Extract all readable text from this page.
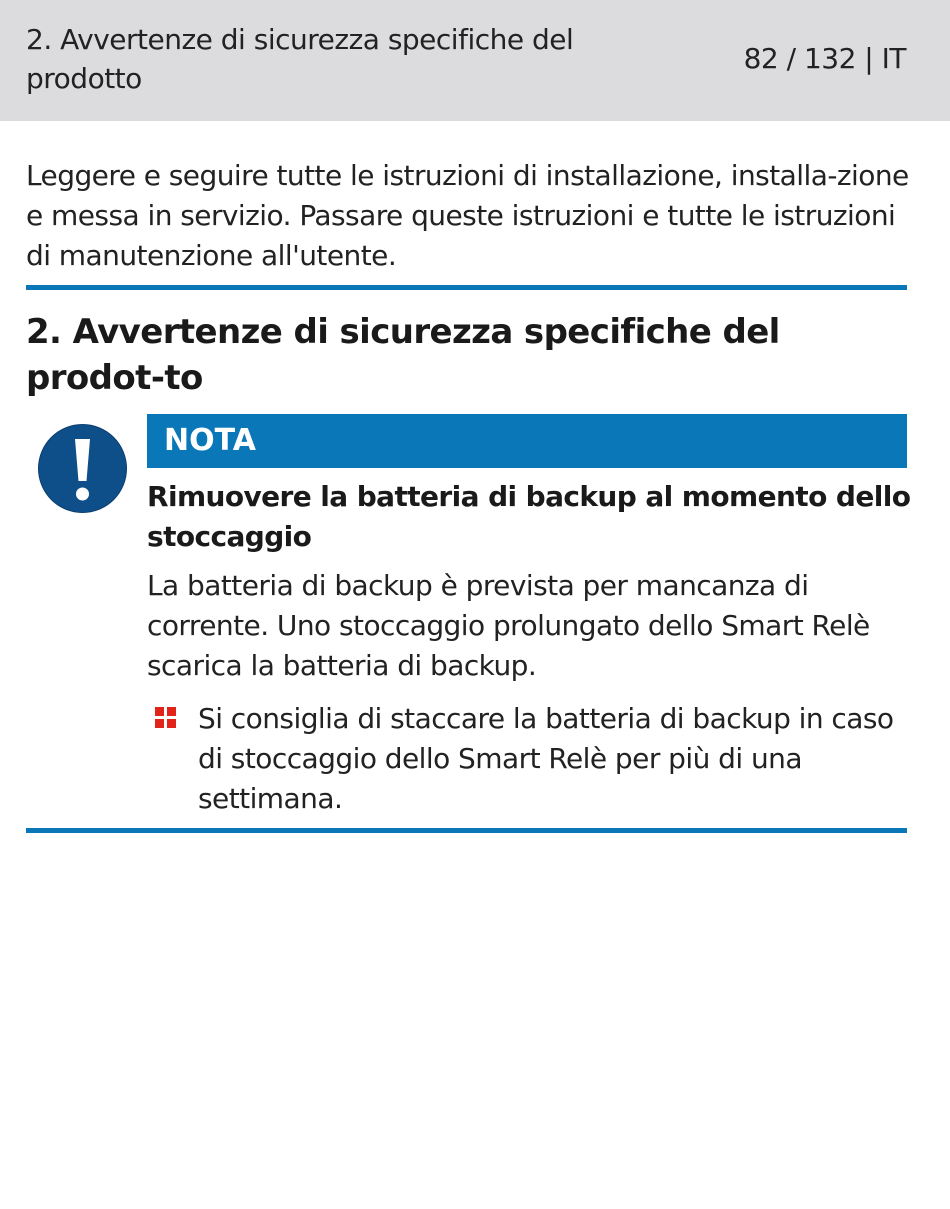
2. Avvertenze di sicurezza specifiche del prodotto
82 / 132 | IT

Leggere e seguire tutte le istruzioni di installazione, installa-zione e messa in servizio. Passare queste istruzioni e tutte le istruzioni di manutenzione all'utente.

2. Avvertenze di sicurezza specifiche del prodot-to
NOTA

Rimuovere la batteria di backup al momento dello stoccaggio

La batteria di backup è prevista per mancanza di corrente. Uno stoccaggio prolungato dello Smart Relè scarica la batteria di backup.

Si consiglia di staccare la batteria di backup in caso di stoccaggio dello Smart Relè per più di una settimana.
